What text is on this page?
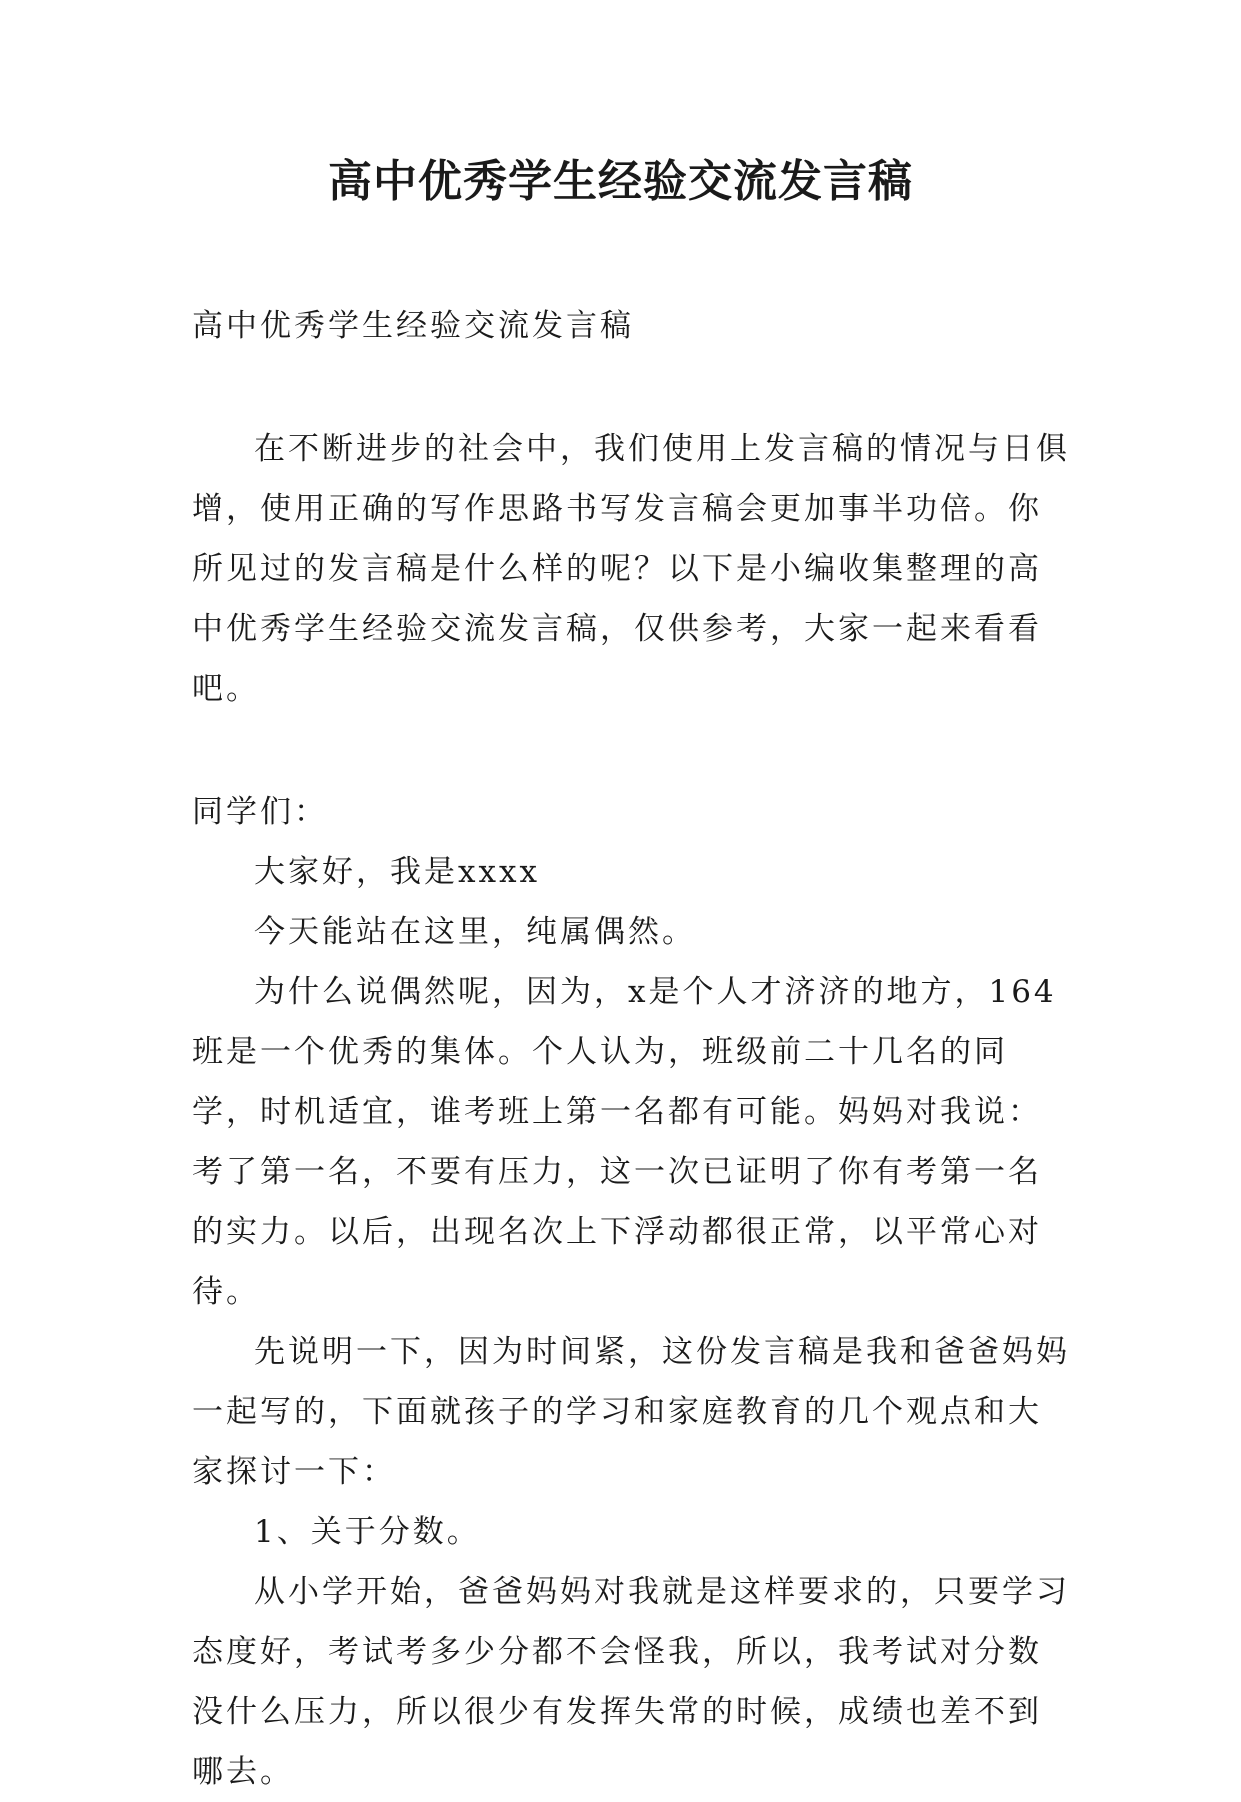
高中优秀学生经验交流发言稿

高中优秀学生经验交流发言稿

在不断进步的社会中，我们使用上发言稿的情况与日俱增，使用正确的写作思路书写发言稿会更加事半功倍。你所见过的发言稿是什么样的呢？以下是小编收集整理的高中优秀学生经验交流发言稿，仅供参考，大家一起来看看吧。

同学们：

大家好，我是xxxx

今天能站在这里，纯属偶然。

为什么说偶然呢，因为，x是个人才济济的地方，164班是一个优秀的集体。个人认为，班级前二十几名的同学，时机适宜，谁考班上第一名都有可能。妈妈对我说：考了第一名，不要有压力，这一次已证明了你有考第一名的实力。以后，出现名次上下浮动都很正常，以平常心对待。

先说明一下，因为时间紧，这份发言稿是我和爸爸妈妈一起写的，下面就孩子的学习和家庭教育的几个观点和大家探讨一下：

1、关于分数。

从小学开始，爸爸妈妈对我就是这样要求的，只要学习态度好，考试考多少分都不会怪我，所以，我考试对分数没什么压力，所以很少有发挥失常的时候，成绩也差不到哪去。
